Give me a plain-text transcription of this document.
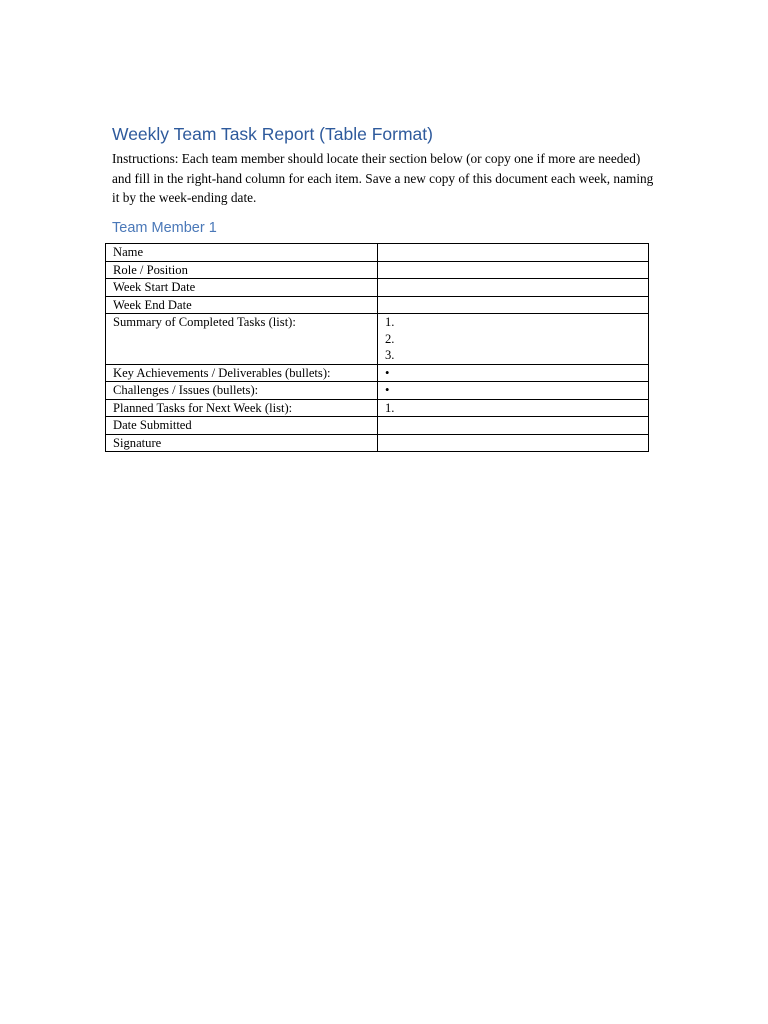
Weekly Team Task Report (Table Format)

Instructions: Each team member should locate their section below (or copy one if more are needed) and fill in the right-hand column for each item. Save a new copy of this document each week, naming it by the week-ending date.

Team Member 1
Name	

Role / Position	

Week Start Date	

Week End Date	

Summary of Completed Tasks (list):	1.
2.
3.

Key Achievements / Deliverables (bullets):	•

Challenges / Issues (bullets):	•

Planned Tasks for Next Week (list):	1.

Date Submitted	

Signature	
